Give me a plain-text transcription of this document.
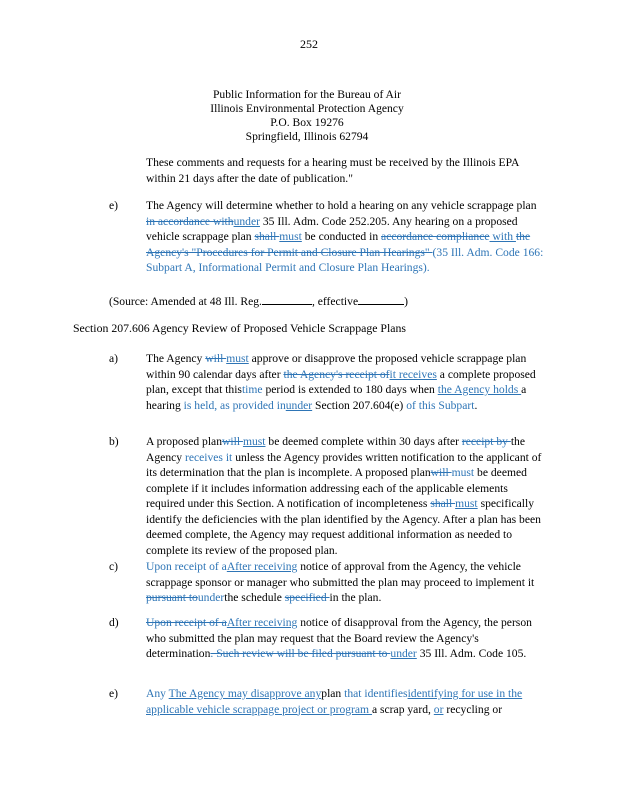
252
Public Information for the Bureau of Air
Illinois Environmental Protection Agency
P.O. Box 19276
Springfield, Illinois 62794
These comments and requests for a hearing must be received by the Illinois EPA within 21 days after the date of publication."
e)	The Agency will determine whether to hold a hearing on any vehicle scrappage plan in accordance withunder 35 Ill. Adm. Code 252.205. Any hearing on a proposed vehicle scrappage plan shall must be conducted in accordance compliance with the Agency's "Procedures for Permit and Closure Plan Hearings" (35 Ill. Adm. Code 166: Subpart A, Informational Permit and Closure Plan Hearings).
(Source: Amended at 48 Ill. Reg.	, effective	)
Section 207.606 Agency Review of Proposed Vehicle Scrappage Plans
a)	The Agency will must approve or disapprove the proposed vehicle scrappage plan within 90 calendar days after the Agency's receipt ofit receives a complete proposed plan, except that thistime period is extended to 180 days when the Agency holds a hearing is held, as provided inunder Section 207.604(e) of this Subpart.
b)	A proposed planwill must be deemed complete within 30 days after receipt by the Agency receives it unless the Agency provides written notification to the applicant of its determination that the plan is incomplete. A proposed planwill must be deemed complete if it includes information addressing each of the applicable elements required under this Section. A notification of incompleteness shall must specifically identify the deficiencies with the plan identified by the Agency. After a plan has been deemed complete, the Agency may request additional information as needed to complete its review of the proposed plan.
c)	Upon receipt of aAfter receiving notice of approval from the Agency, the vehicle scrappage sponsor or manager who submitted the plan may proceed to implement it pursuant tounderthe schedule specified in the plan.
d)	Upon receipt of aAfter receiving notice of disapproval from the Agency, the person who submitted the plan may request that the Board review the Agency's determination. Such review will be filed pursuant to under 35 Ill. Adm. Code 105.
e)	Any The Agency may disapprove anyplan that identifiesidentifying for use in the applicable vehicle scrappage project or program a scrap yard, or recycling or
